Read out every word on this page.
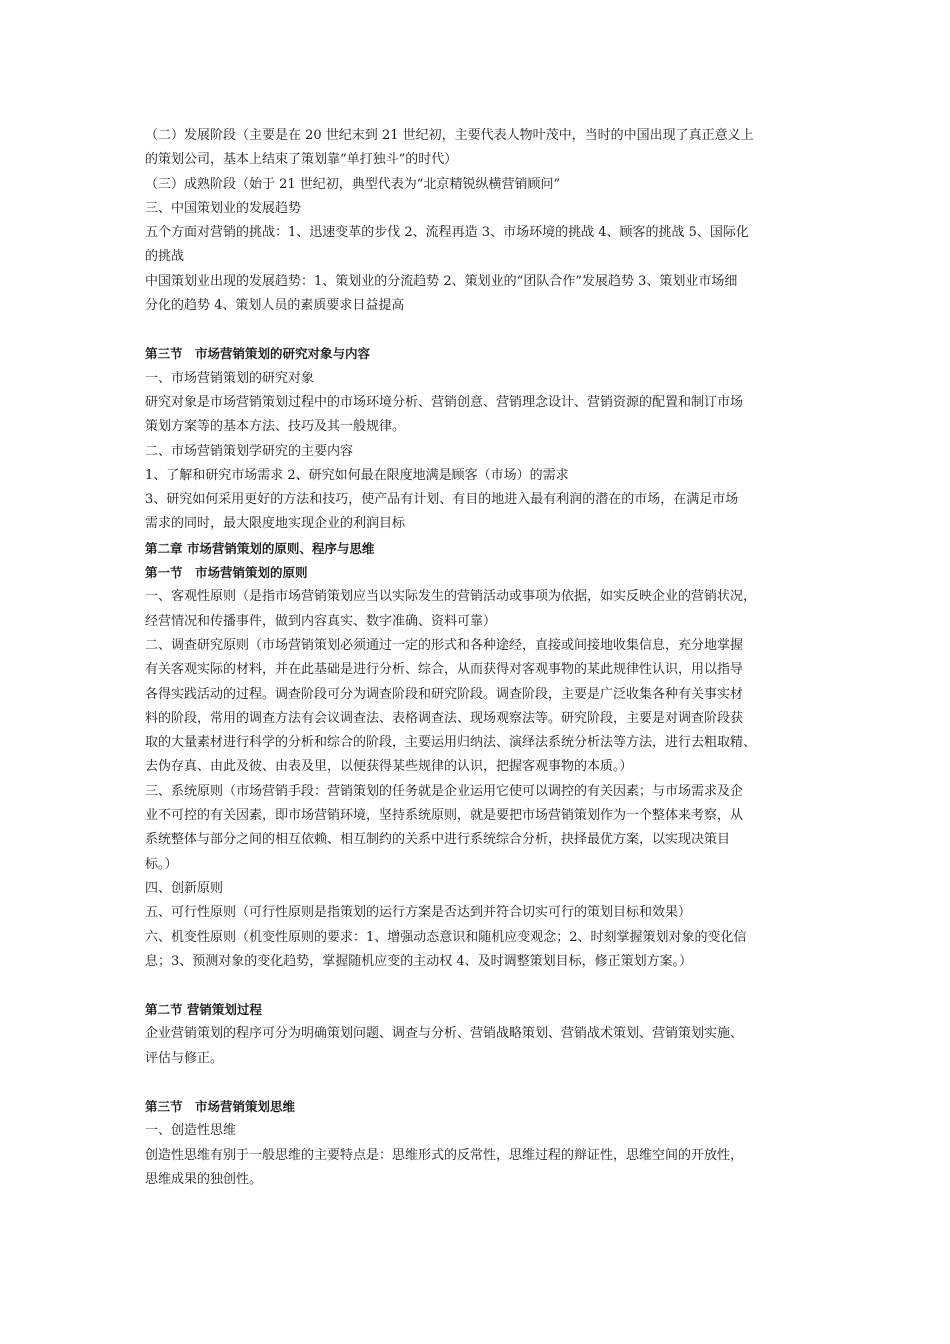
（二）发展阶段（主要是在 20 世纪末到 21 世纪初，主要代表人物叶茂中，当时的中国出现了真正意义上
的策划公司，基本上结束了策划靠“单打独斗”的时代）

（三）成熟阶段（始于 21 世纪初，典型代表为“北京精锐纵横营销顾问”

三、中国策划业的发展趋势

五个方面对营销的挑战：1、迅速变革的步伐 2、流程再造 3、市场环境的挑战 4、顾客的挑战 5、国际化
的挑战

中国策划业出现的发展趋势：1、策划业的分流趋势 2、策划业的“团队合作”发展趋势 3、策划业市场细
分化的趋势 4、策划人员的素质要求日益提高

第三节　市场营销策划的研究对象与内容

一、市场营销策划的研究对象

研究对象是市场营销策划过程中的市场环境分析、营销创意、营销理念设计、营销资源的配置和制订市场
策划方案等的基本方法、技巧及其一般规律。

二、市场营销策划学研究的主要内容

1、了解和研究市场需求 2、研究如何最在限度地满是顾客（市场）的需求

3、研究如何采用更好的方法和技巧，使产品有计划、有目的地进入最有利润的潜在的市场，在满足市场
需求的同时，最大限度地实现企业的利润目标

第二章 市场营销策划的原则、程序与思维
第一节　市场营销策划的原则

一、客观性原则（是指市场营销策划应当以实际发生的营销活动或事项为依据，如实反映企业的营销状况，
经营情况和传播事件，做到内容真实、数字准确、资料可靠）

二、调查研究原则（市场营销策划必须通过一定的形式和各种途经，直接或间接地收集信息，充分地掌握
有关客观实际的材料，并在此基础是进行分析、综合，从而获得对客观事物的某此规律性认识，用以指导
各得实践活动的过程。调查阶段可分为调查阶段和研究阶段。调查阶段，主要是广泛收集各种有关事实材
料的阶段，常用的调查方法有会议调查法、表格调查法、现场观察法等。研究阶段，主要是对调查阶段获
取的大量素材进行科学的分析和综合的阶段，主要运用归纳法、演绎法系统分析法等方法，进行去粗取精、
去伪存真、由此及彼、由表及里，以便获得某些规律的认识，把握客观事物的本质。）

三、系统原则（市场营销手段：营销策划的任务就是企业运用它使可以调控的有关因素；与市场需求及企
业不可控的有关因素，即市场营销环境，坚持系统原则，就是要把市场营销策划作为一个整体来考察，从
系统整体与部分之间的相互依赖、相互制约的关系中进行系统综合分析，抉择最优方案，以实现决策目
标。）

四、创新原则

五、可行性原则（可行性原则是指策划的运行方案是否达到并符合切实可行的策划目标和效果）

六、机变性原则（机变性原则的要求：1、增强动态意识和随机应变观念；2、时刻掌握策划对象的变化信
息；3、预测对象的变化趋势，掌握随机应变的主动权 4、及时调整策划目标，修正策划方案。）

第二节 营销策划过程

企业营销策划的程序可分为明确策划问题、调查与分析、营销战略策划、营销战术策划、营销策划实施、
评估与修正。

第三节　市场营销策划思维

一、创造性思维

创造性思维有别于一般思维的主要特点是：思维形式的反常性，思维过程的辩证性，思维空间的开放性，
思维成果的独创性。
